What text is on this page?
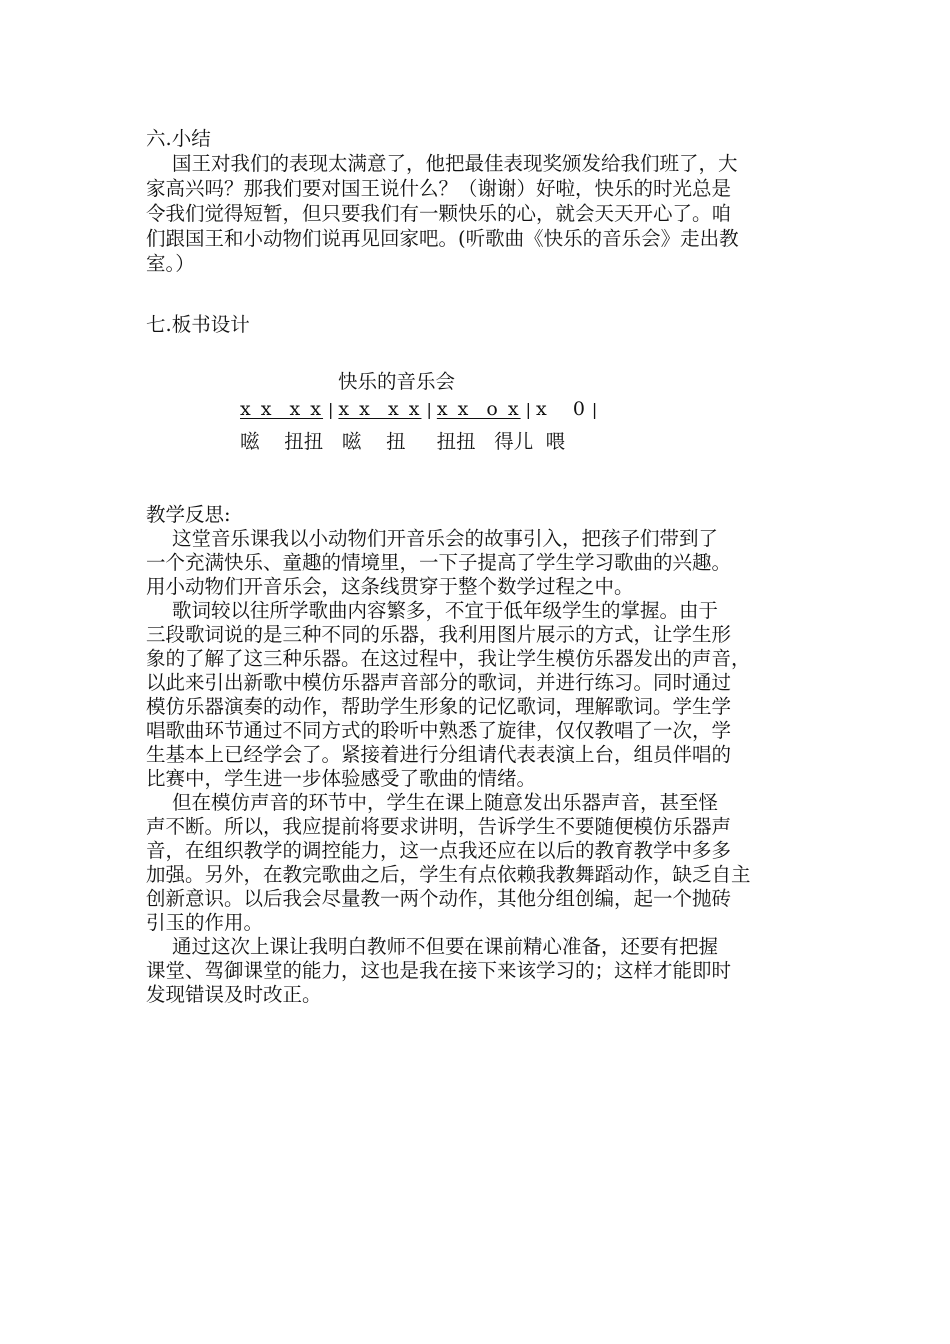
六.小结
国王对我们的表现太满意了，他把最佳表现奖颁发给我们班了，大
家高兴吗？那我们要对国王说什么？（谢谢）好啦，快乐的时光总是
令我们觉得短暂，但只要我们有一颗快乐的心，就会天天开心了。咱
们跟国王和小动物们说再见回家吧。(听歌曲《快乐的音乐会》走出教
室。）
七.板书设计
快乐的音乐会
x x  x x | x x  x x | x x  o x | x   0 |
嗞    扭扭   嗞    扭     扭扭   得儿  喂
教学反思:
这堂音乐课我以小动物们开音乐会的故事引入，把孩子们带到了
一个充满快乐、童趣的情境里，一下子提高了学生学习歌曲的兴趣。
用小动物们开音乐会，这条线贯穿于整个数学过程之中。
歌词较以往所学歌曲内容繁多，不宜于低年级学生的掌握。由于
三段歌词说的是三种不同的乐器，我利用图片展示的方式，让学生形
象的了解了这三种乐器。在这过程中，我让学生模仿乐器发出的声音，
以此来引出新歌中模仿乐器声音部分的歌词，并进行练习。同时通过
模仿乐器演奏的动作，帮助学生形象的记忆歌词，理解歌词。学生学
唱歌曲环节通过不同方式的聆听中熟悉了旋律，仅仅教唱了一次，学
生基本上已经学会了。紧接着进行分组请代表表演上台，组员伴唱的
比赛中，学生进一步体验感受了歌曲的情绪。
但在模仿声音的环节中，学生在课上随意发出乐器声音，甚至怪
声不断。所以，我应提前将要求讲明，告诉学生不要随便模仿乐器声
音，在组织教学的调控能力，这一点我还应在以后的教育教学中多多
加强。另外，在教完歌曲之后，学生有点依赖我教舞蹈动作，缺乏自主
创新意识。以后我会尽量教一两个动作，其他分组创编，起一个抛砖
引玉的作用。
通过这次上课让我明白教师不但要在课前精心准备，还要有把握
课堂、驾御课堂的能力，这也是我在接下来该学习的；这样才能即时
发现错误及时改正。
